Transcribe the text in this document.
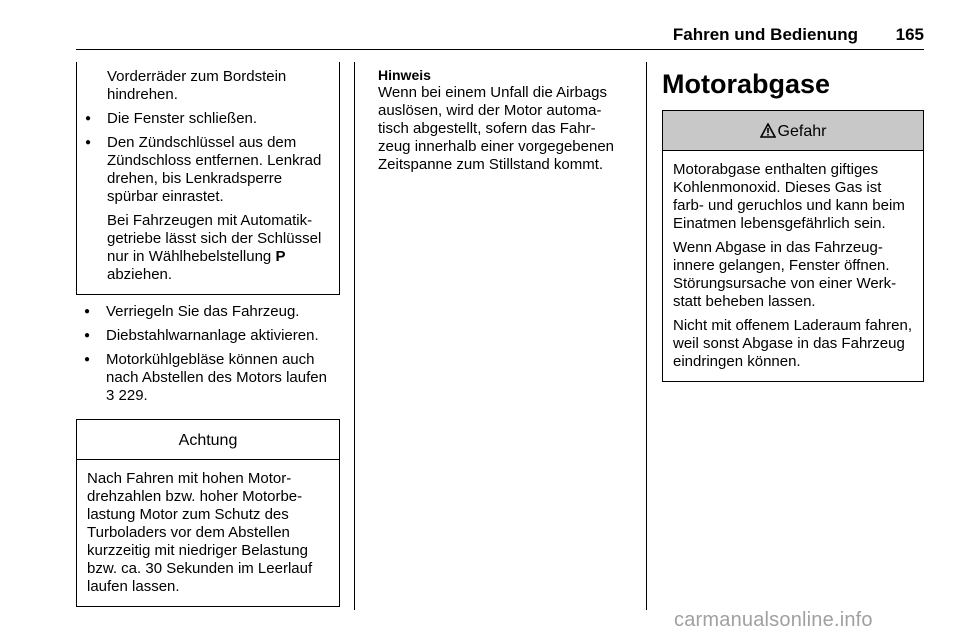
Fahren und Bedienung 165

Vorderräder zum Bordstein hindrehen.

● Die Fenster schließen.
● Den Zündschlüssel aus dem Zündschloss entfernen. Lenkrad drehen, bis Lenkradsperre spürbar einrastet.

Bei Fahrzeugen mit Automatikgetriebe lässt sich der Schlüssel nur in Wählhebelstellung P abziehen.

● Verriegeln Sie das Fahrzeug.
● Diebstahlwarnanlage aktivieren.
● Motorkühlgebläse können auch nach Abstellen des Motors laufen
3 229.
Achtung
Nach Fahren mit hohen Motordrehzahlen bzw. hoher Motorbelastung Motor zum Schutz des Turboladers vor dem Abstellen kurzzeitig mit niedriger Belastung bzw. ca. 30 Sekunden im Leerlauf laufen lassen.
Hinweis

Wenn bei einem Unfall die Airbags auslösen, wird der Motor automatisch abgestellt, sofern das Fahrzeug innerhalb einer vorgegebenen Zeitspanne zum Stillstand kommt.

Motorabgase
Gefahr

Motorabgase enthalten giftiges Kohlenmonoxid. Dieses Gas ist farb- und geruchlos und kann beim Einatmen lebensgefährlich sein.

Wenn Abgase in das Fahrzeuginnere gelangen, Fenster öffnen. Störungsursache von einer Werkstatt beheben lassen.

Nicht mit offenem Laderaum fahren, weil sonst Abgase in das Fahrzeug eindringen können.

carmanualsonline.info
